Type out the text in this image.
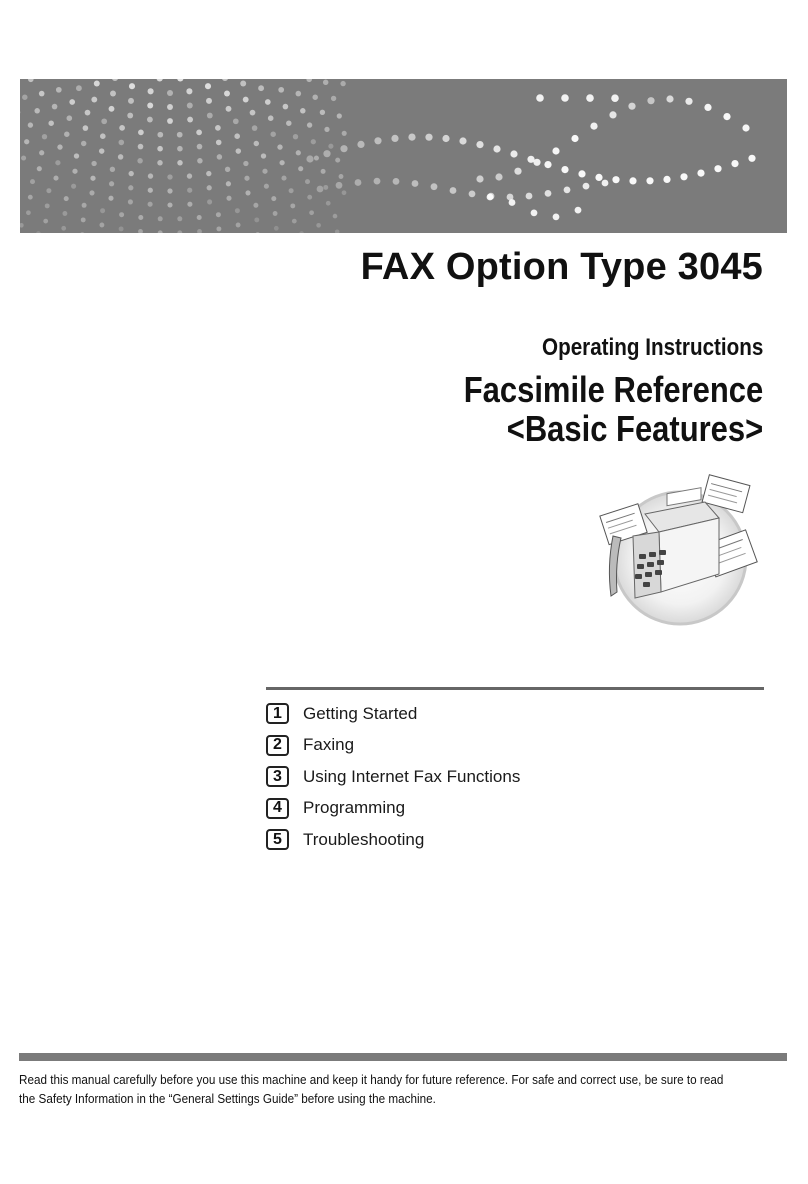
FAX Option Type 3045
Operating Instructions
Facsimile Reference
<Basic Features>
1	Getting Started
2	Faxing
3	Using Internet Fax Functions
4	Programming
5	Troubleshooting
Read this manual carefully before you use this machine and keep it handy for future reference. For safe and correct use, be sure to read the Safety Information in the “General Settings Guide” before using the machine.
